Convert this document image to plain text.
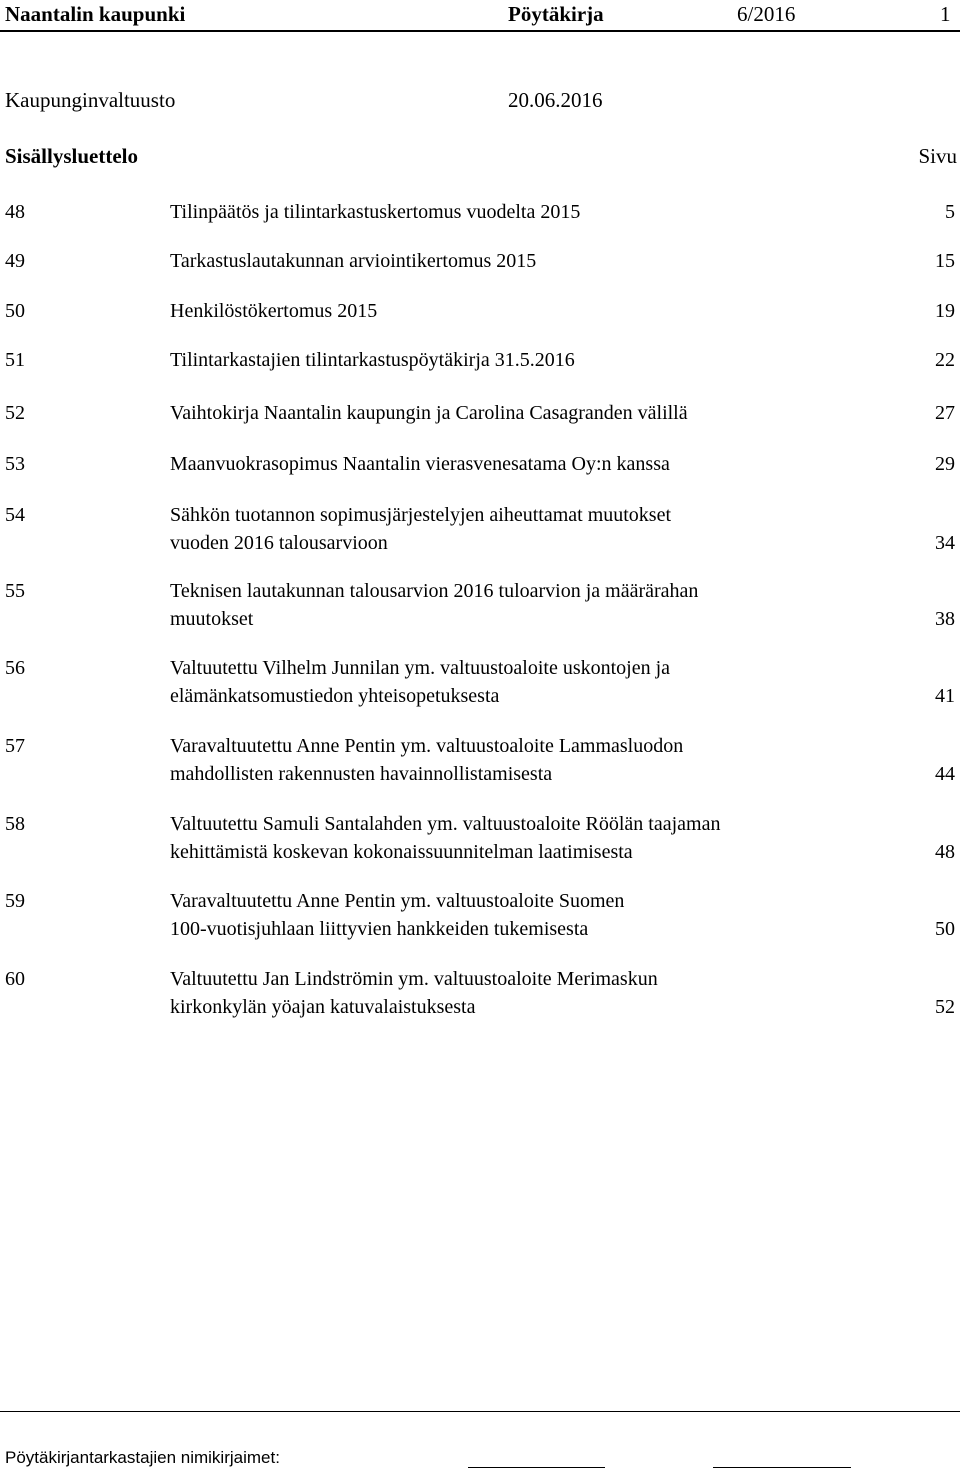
Naantalin kaupunki	Pöytäkirja	6/2016	1
Kaupunginvaltuusto	20.06.2016
Sisällysluettelo	Sivu
48	Tilinpäätös ja tilintarkastuskertomus vuodelta 2015	5
49	Tarkastuslautakunnan arviointikertomus 2015	15
50	Henkilöstökertomus 2015	19
51	Tilintarkastajien tilintarkastuspöytäkirja 31.5.2016	22
52	Vaihtokirja Naantalin kaupungin ja Carolina Casagranden välillä	27
53	Maanvuokrasopimus Naantalin vierasvenesatama Oy:n kanssa	29
54	Sähkön tuotannon sopimusjärjestelyjen aiheuttamat muutokset
vuoden 2016 talousarvioon	34
55	Teknisen lautakunnan talousarvion 2016 tuloarvion ja määrärahan
muutokset	38
56	Valtuutettu Vilhelm Junnilan ym. valtuustoaloite uskontojen ja
elämänkatsomustiedon yhteisopetuksesta	41
57	Varavaltuutettu Anne Pentin ym. valtuustoaloite Lammasluodon
mahdollisten rakennusten havainnollistamisesta	44
58	Valtuutettu Samuli Santalahden ym. valtuustoaloite Röölän taajaman
kehittämistä koskevan kokonaissuunnitelman laatimisesta	48
59	Varavaltuutettu Anne Pentin ym. valtuustoaloite Suomen
100-vuotisjuhlaan liittyvien hankkeiden tukemisesta	50
60	Valtuutettu Jan Lindströmin ym. valtuustoaloite Merimaskun
kirkonkylän yöajan katuvalaistuksesta	52
Pöytäkirjantarkastajien nimikirjaimet:
